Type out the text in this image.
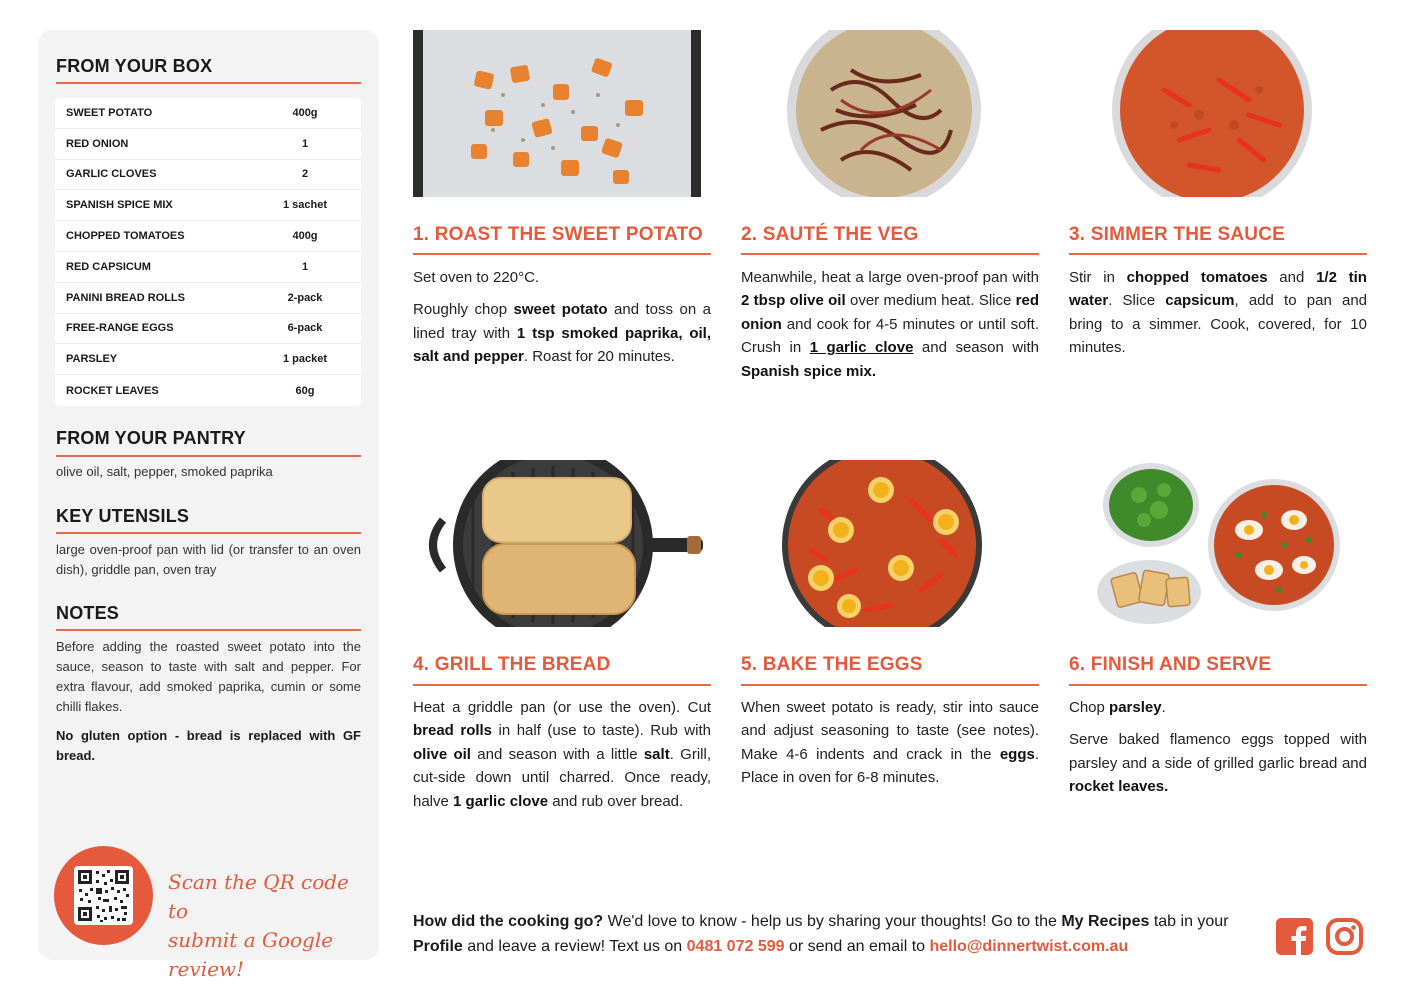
FROM YOUR BOX
SWEET POTATO	400g
RED ONION	1
GARLIC CLOVES	2
SPANISH SPICE MIX	1 sachet
CHOPPED TOMATOES	400g
RED CAPSICUM	1
PANINI BREAD ROLLS	2-pack
FREE-RANGE EGGS	6-pack
PARSLEY	1 packet
ROCKET LEAVES	60g
FROM YOUR PANTRY
olive oil, salt, pepper, smoked paprika
KEY UTENSILS
large oven-proof pan with lid (or transfer to an oven dish), griddle pan, oven tray
NOTES
Before adding the roasted sweet potato into the sauce, season to taste with salt and pepper. For extra flavour, add smoked paprika, cumin or some chilli flakes.
No gluten option - bread is replaced with GF bread.
Scan the QR code to
submit a Google review!
1. ROAST THE SWEET POTATO

Set oven to 220°C.

Roughly chop sweet potato and toss on a lined tray with 1 tsp smoked paprika, oil, salt and pepper. Roast for 20 minutes.

2. SAUTÉ THE VEG

Meanwhile, heat a large oven-proof pan with 2 tbsp olive oil over medium heat. Slice red onion and cook for 4-5 minutes or until soft. Crush in 1 garlic clove and season with Spanish spice mix.

3. SIMMER THE SAUCE

Stir in chopped tomatoes and 1/2 tin water. Slice capsicum, add to pan and bring to a simmer. Cook, covered, for 10 minutes.

4. GRILL THE BREAD

Heat a griddle pan (or use the oven). Cut bread rolls in half (use to taste). Rub with olive oil and season with a little salt. Grill, cut-side down until charred. Once ready, halve 1 garlic clove and rub over bread.

5. BAKE THE EGGS

When sweet potato is ready, stir into sauce and adjust seasoning to taste (see notes). Make 4-6 indents and crack in the eggs. Place in oven for 6-8 minutes.

6. FINISH AND SERVE

Chop parsley.

Serve baked flamenco eggs topped with parsley and a side of grilled garlic bread and rocket leaves.

How did the cooking go? We'd love to know - help us by sharing your thoughts! Go to the My Recipes tab in your Profile and leave a review! Text us on 0481 072 599 or send an email to hello@dinnertwist.com.au
